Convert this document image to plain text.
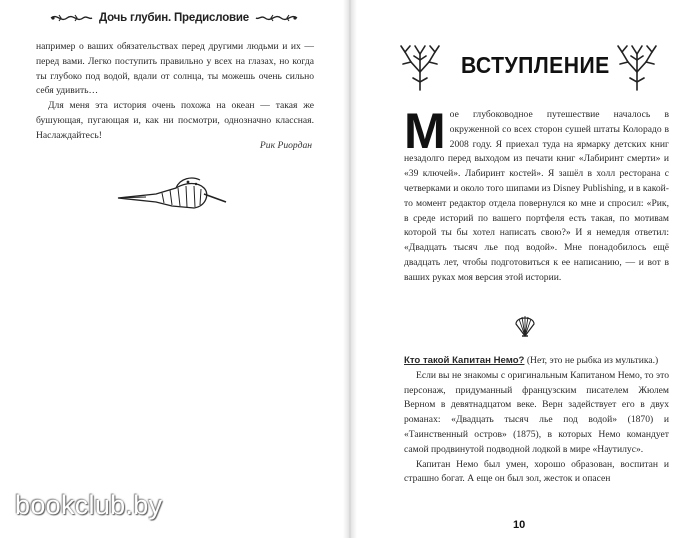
Дочь глубин. Предисловие

например о ваших обязательствах перед другими людьми и их — перед вами. Легко поступить правильно у всех на глазах, но когда ты глубоко под водой, вдали от солнца, ты можешь очень сильно себя удивить…

Для меня эта история очень похожа на океан — такая же бушующая, пугающая и, как ни посмотри, однозначно классная. Наслаждайтесь!

Рик Риордан
bookclub.by
ВСТУПЛЕНИЕ

Мое глубоководное путешествие началось в окруженной со всех сторон сушей штаты Колорадо в 2008 году. Я приехал туда на ярмарку детских книг незадолго перед выходом из печати книг «Лабиринт смерти» и «39 ключей». Лабиринт костей». Я зашёл в холл ресторана с четверками и около того шипами из Disney Publishing, и в какой-то момент редактор отдела повернулся ко мне и спросил: «Рик, в среде историй по вашего портфеля есть такая, по мотивам которой ты бы хотел написать свою?» И я немедля ответил: «Двадцать тысяч лье под водой». Мне понадобилось ещё двадцать лет, чтобы подготовиться к ее написанию, — и вот в ваших руках моя версия этой истории.

Кто такой Капитан Немо? (Нет, это не рыбка из мультика.)

Если вы не знакомы с оригинальным Капитаном Немо, то это персонаж, придуманный французским писателем Жюлем Верном в девятнадцатом веке. Верн задействует его в двух романах: «Двадцать тысяч лье под водой» (1870) и «Таинственный остров» (1875), в которых Немо командует самой продвинутой подводной лодкой в мире «Наутилус».

Капитан Немо был умен, хорошо образован, воспитан и страшно богат. А еще он был зол, жесток и опасен

10
